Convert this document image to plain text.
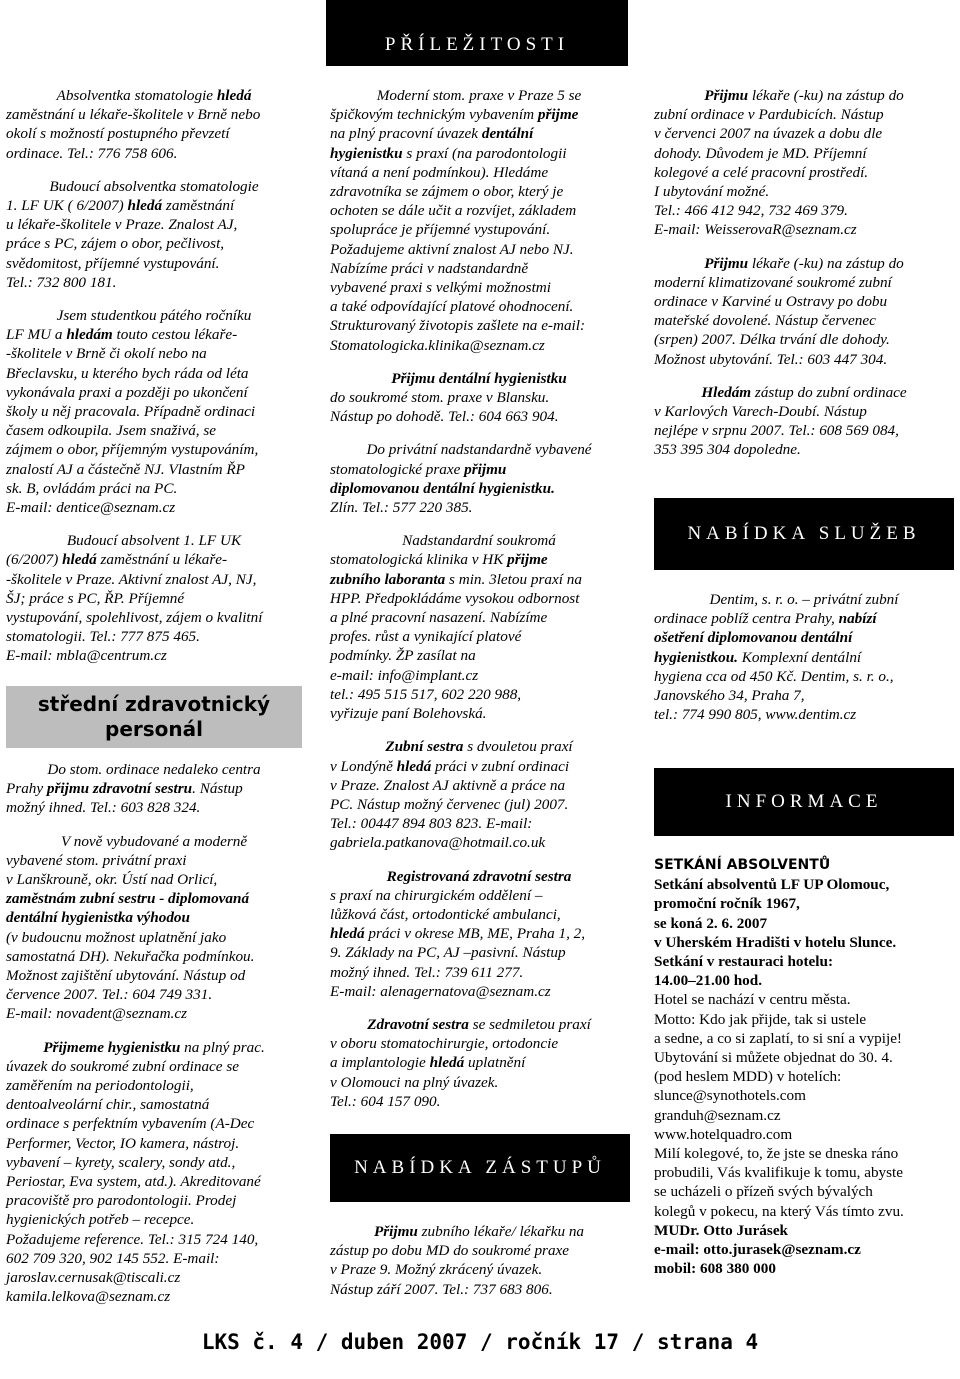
PŘÍLEŽITOSTI
Absolventka stomatologie hledá
zaměstnání u lékaře-školitele v Brně nebo
okolí s možností postupného převzetí
ordinace. Tel.: 776 758 606.
Budoucí absolventka stomatologie
1. LF UK ( 6/2007) hledá zaměstnání
u lékaře-školitele v Praze. Znalost AJ,
práce s PC, zájem o obor, pečlivost,
svědomitost, příjemné vystupování.
Tel.: 732 800 181.
Jsem studentkou pátého ročníku
LF MU a hledám touto cestou lékaře-
-školitele v Brně či okolí nebo na
Břeclavsku, u kterého bych ráda od léta
vykonávala praxi a později po ukončení
školy u něj pracovala. Případně ordinaci
časem odkoupila. Jsem snaživá, se
zájmem o obor, příjemným vystupováním,
znalostí AJ a částečně NJ. Vlastním ŘP
sk. B, ovládám práci na PC.
E-mail: dentice@seznam.cz
Budoucí absolvent 1. LF UK
(6/2007) hledá zaměstnání u lékaře-
-školitele v Praze. Aktivní znalost AJ, NJ,
ŠJ; práce s PC, ŘP. Příjemné
vystupování, spolehlivost, zájem o kvalitní
stomatologii. Tel.: 777 875 465.
E-mail: mbla@centrum.cz
střední zdravotnický
personál
Do stom. ordinace nedaleko centra
Prahy přijmu zdravotní sestru. Nástup
možný ihned. Tel.: 603 828 324.
V nově vybudované a moderně
vybavené stom. privátní praxi
v Lanškrouně, okr. Ústí nad Orlicí,
zaměstnám zubní sestru - diplomovaná
dentální hygienistka výhodou
(v budoucnu možnost uplatnění jako
samostatná DH). Nekuřačka podmínkou.
Možnost zajištění ubytování. Nástup od
července 2007. Tel.: 604 749 331.
E-mail: novadent@seznam.cz
Přijmeme hygienistku na plný prac.
úvazek do soukromé zubní ordinace se
zaměřením na periodontologii,
dentoalveolární chir., samostatná
ordinace s perfektním vybavením (A-Dec
Performer, Vector, IO kamera, nástroj.
vybavení – kyrety, scalery, sondy atd.,
Periostar, Eva system, atd.). Akreditované
pracoviště pro parodontologii. Prodej
hygienických potřeb – recepce.
Požadujeme reference. Tel.: 315 724 140,
602 709 320, 902 145 552. E-mail:
jaroslav.cernusak@tiscali.cz
kamila.lelkova@seznam.cz
Moderní stom. praxe v Praze 5 se
špičkovým technickým vybavením přijme
na plný pracovní úvazek dentální
hygienistku s praxí (na parodontologii
vítaná a není podmínkou). Hledáme
zdravotníka se zájmem o obor, který je
ochoten se dále učit a rozvíjet, základem
spolupráce je příjemné vystupování.
Požadujeme aktivní znalost AJ nebo NJ.
Nabízíme práci v nadstandardně
vybavené praxi s velkými možnostmi
a také odpovídající platové ohodnocení.
Strukturovaný životopis zašlete na e-mail:
Stomatologicka.klinika@seznam.cz
Přijmu dentální hygienistku
do soukromé stom. praxe v Blansku.
Nástup po dohodě. Tel.: 604 663 904.
Do privátní nadstandardně vybavené
stomatologické praxe přijmu
diplomovanou dentální hygienistku.
Zlín. Tel.: 577 220 385.
Nadstandardní soukromá
stomatologická klinika v HK přijme
zubního laboranta s min. 3letou praxí na
HPP. Předpokládáme vysokou odbornost
a plné pracovní nasazení. Nabízíme
profes. růst a vynikající platové
podmínky. ŽP zasílat na
e-mail: info@implant.cz
tel.: 495 515 517, 602 220 988,
vyřizuje paní Bolehovská.
Zubní sestra s dvouletou praxí
v Londýně hledá práci v zubní ordinaci
v Praze. Znalost AJ aktivně a práce na
PC. Nástup možný červenec (jul) 2007.
Tel.: 00447 894 803 823. E-mail:
gabriela.patkanova@hotmail.co.uk
Registrovaná zdravotní sestra
s praxí na chirurgickém oddělení –
lůžková část, ortodontické ambulanci,
hledá práci v okrese MB, ME, Praha 1, 2,
9. Základy na PC, AJ –pasivní. Nástup
možný ihned. Tel.: 739 611 277.
E-mail: alenagernatova@seznam.cz
Zdravotní sestra se sedmiletou praxí
v oboru stomatochirurgie, ortodoncie
a implantologie hledá uplatnění
v Olomouci na plný úvazek.
Tel.: 604 157 090.
NABÍDKA ZÁSTUPŮ
Přijmu zubního lékaře/ lékařku na
zástup po dobu MD do soukromé praxe
v Praze 9. Možný zkrácený úvazek.
Nástup září 2007. Tel.: 737 683 806.
Přijmu lékaře (-ku) na zástup do
zubní ordinace v Pardubicích. Nástup
v červenci 2007 na úvazek a dobu dle
dohody. Důvodem je MD. Příjemní
kolegové a celé pracovní prostředí.
I ubytování možné.
Tel.: 466 412 942, 732 469 379.
E-mail: WeisserovaR@seznam.cz
Přijmu lékaře (-ku) na zástup do
moderní klimatizované soukromé zubní
ordinace v Karviné u Ostravy po dobu
mateřské dovolené. Nástup červenec
(srpen) 2007. Délka trvání dle dohody.
Možnost ubytování. Tel.: 603 447 304.
Hledám zástup do zubní ordinace
v Karlových Varech-Doubí. Nástup
nejlépe v srpnu 2007. Tel.: 608 569 084,
353 395 304 dopoledne.
NABÍDKA SLUŽEB
Dentim, s. r. o. – privátní zubní
ordinace poblíž centra Prahy, nabízí
ošetření diplomovanou dentální
hygienistkou. Komplexní dentální
hygiena cca od 450 Kč. Dentim, s. r. o.,
Janovského 34, Praha 7,
tel.: 774 990 805, www.dentim.cz
INFORMACE
SETKÁNÍ ABSOLVENTŮ
Setkání absolventů LF UP Olomouc,
promoční ročník 1967,
se koná 2. 6. 2007
v Uherském Hradišti v hotelu Slunce.
Setkání v restauraci hotelu:
14.00–21.00 hod.
Hotel se nachází v centru města.
Motto: Kdo jak přijde, tak si ustele
a sedne, a co si zaplatí, to si sní a vypije!
Ubytování si můžete objednat do 30. 4.
(pod heslem MDD) v hotelích:
slunce@synothotels.com
granduh@seznam.cz
www.hotelquadro.com
Milí kolegové, to, že jste se dneska ráno
probudili, Vás kvalifikuje k tomu, abyste
se ucházeli o přízeň svých bývalých
kolegů v pokecu, na který Vás tímto zvu.
MUDr. Otto Jurásek
e-mail: otto.jurasek@seznam.cz
mobil: 608 380 000
LKS č. 4 / duben 2007 / ročník 17 / strana 4
